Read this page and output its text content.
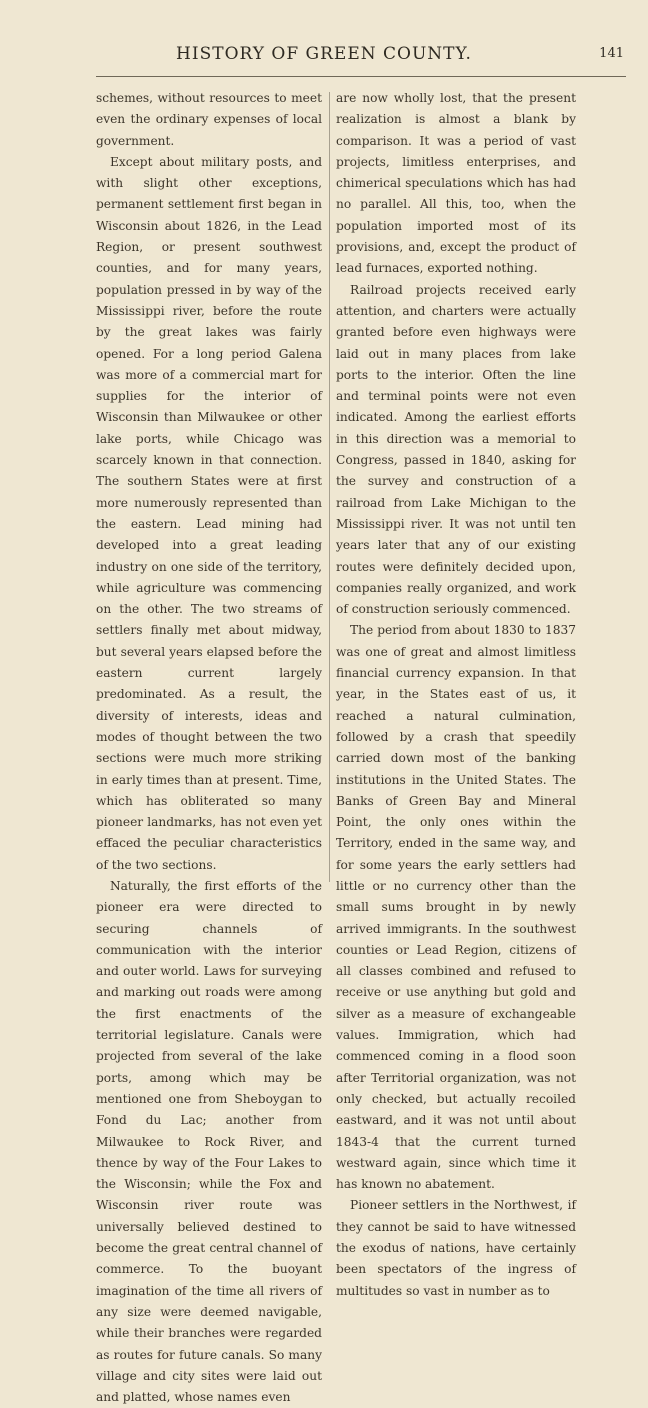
HISTORY OF GREEN COUNTY.	141

schemes, without resources to meet even the ordinary expenses of local government.

Except about military posts, and with slight other exceptions, permanent settlement first began in Wisconsin about 1826, in the Lead Region, or present southwest counties, and for many years, population pressed in by way of the Mississippi river, before the route by the great lakes was fairly opened. For a long period Galena was more of a commercial mart for supplies for the interior of Wisconsin than Milwaukee or other lake ports, while Chicago was scarcely known in that connection. The southern States were at first more numerously represented than the eastern. Lead mining had developed into a great leading industry on one side of the territory, while agriculture was commencing on the other. The two streams of settlers finally met about midway, but several years elapsed before the eastern current largely predominated. As a result, the diversity of interests, ideas and modes of thought between the two sections were much more striking in early times than at present. Time, which has obliterated so many pioneer landmarks, has not even yet effaced the peculiar characteristics of the two sections.

Naturally, the first efforts of the pioneer era were directed to securing channels of communication with the interior and outer world. Laws for surveying and marking out roads were among the first enactments of the territorial legislature. Canals were projected from several of the lake ports, among which may be mentioned one from Sheboygan to Fond du Lac; another from Milwaukee to Rock River, and thence by way of the Four Lakes to the Wisconsin; while the Fox and Wisconsin river route was universally believed destined to become the great central channel of commerce. To the buoyant imagination of the time all rivers of any size were deemed navigable, while their branches were regarded as routes for future canals. So many village and city sites were laid out and platted, whose names even

are now wholly lost, that the present realization is almost a blank by comparison. It was a period of vast projects, limitless enterprises, and chimerical speculations which has had no parallel. All this, too, when the population imported most of its provisions, and, except the product of lead furnaces, exported nothing.

Railroad projects received early attention, and charters were actually granted before even highways were laid out in many places from lake ports to the interior. Often the line and terminal points were not even indicated. Among the earliest efforts in this direction was a memorial to Congress, passed in 1840, asking for the survey and construction of a railroad from Lake Michigan to the Mississippi river. It was not until ten years later that any of our existing routes were definitely decided upon, companies really organized, and work of construction seriously commenced.

The period from about 1830 to 1837 was one of great and almost limitless financial currency expansion. In that year, in the States east of us, it reached a natural culmination, followed by a crash that speedily carried down most of the banking institutions in the United States. The Banks of Green Bay and Mineral Point, the only ones within the Territory, ended in the same way, and for some years the early settlers had little or no currency other than the small sums brought in by newly arrived immigrants. In the southwest counties or Lead Region, citizens of all classes combined and refused to receive or use anything but gold and silver as a measure of exchangeable values. Immigration, which had commenced coming in a flood soon after Territorial organization, was not only checked, but actually recoiled eastward, and it was not until about 1843-4 that the current turned westward again, since which time it has known no abatement.

Pioneer settlers in the Northwest, if they cannot be said to have witnessed the exodus of nations, have certainly been spectators of the ingress of multitudes so vast in number as to
